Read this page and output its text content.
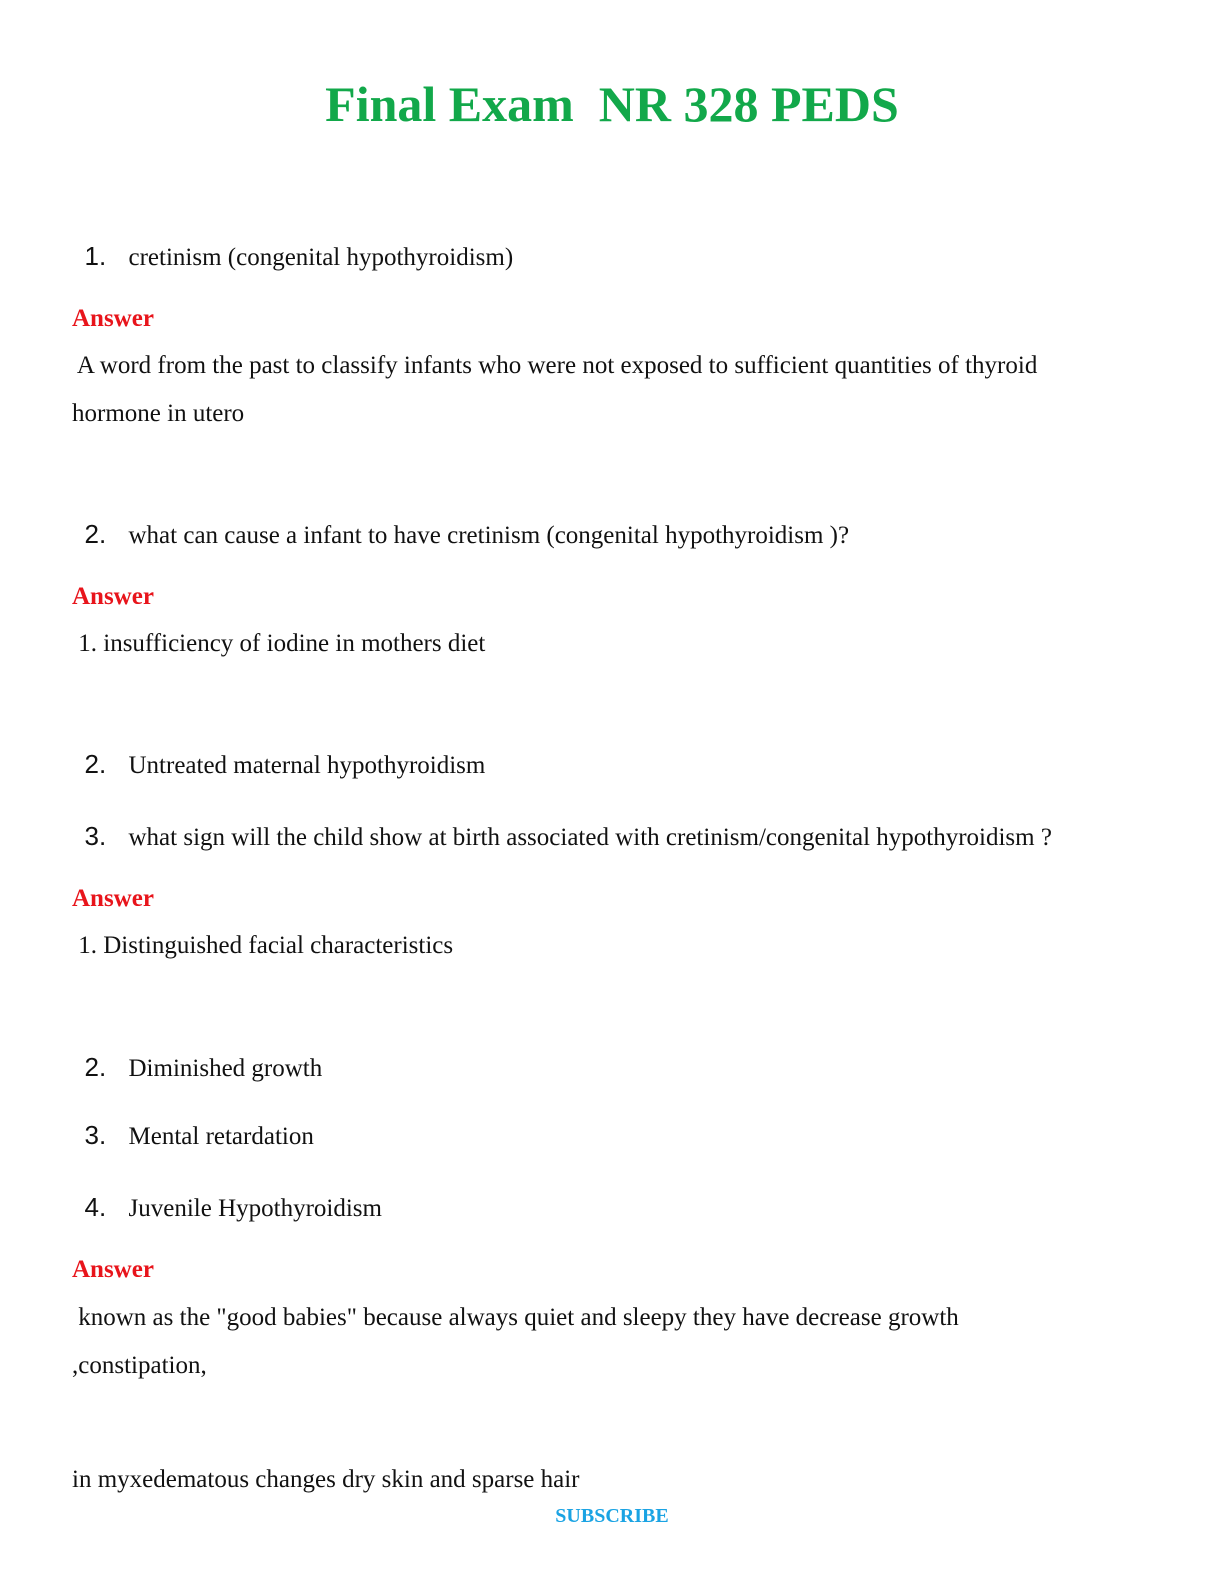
Final Exam  NR 328 PEDS

1. cretinism (congenital hypothyroidism)

Answer
A word from the past to classify infants who were not exposed to sufficient quantities of thyroid
hormone in utero

2. what can cause a infant to have cretinism (congenital hypothyroidism )?

Answer
1. insufficiency of iodine in mothers diet

2. Untreated maternal hypothyroidism

3. what sign will the child show at birth associated with cretinism/congenital hypothyroidism ?

Answer
1. Distinguished facial characteristics

2. Diminished growth

3. Mental retardation

4. Juvenile Hypothyroidism

Answer
known as the "good babies" because always quiet and sleepy they have decrease growth
,constipation,
in myxedematous changes dry skin and sparse hair
SUBSCRIBE
